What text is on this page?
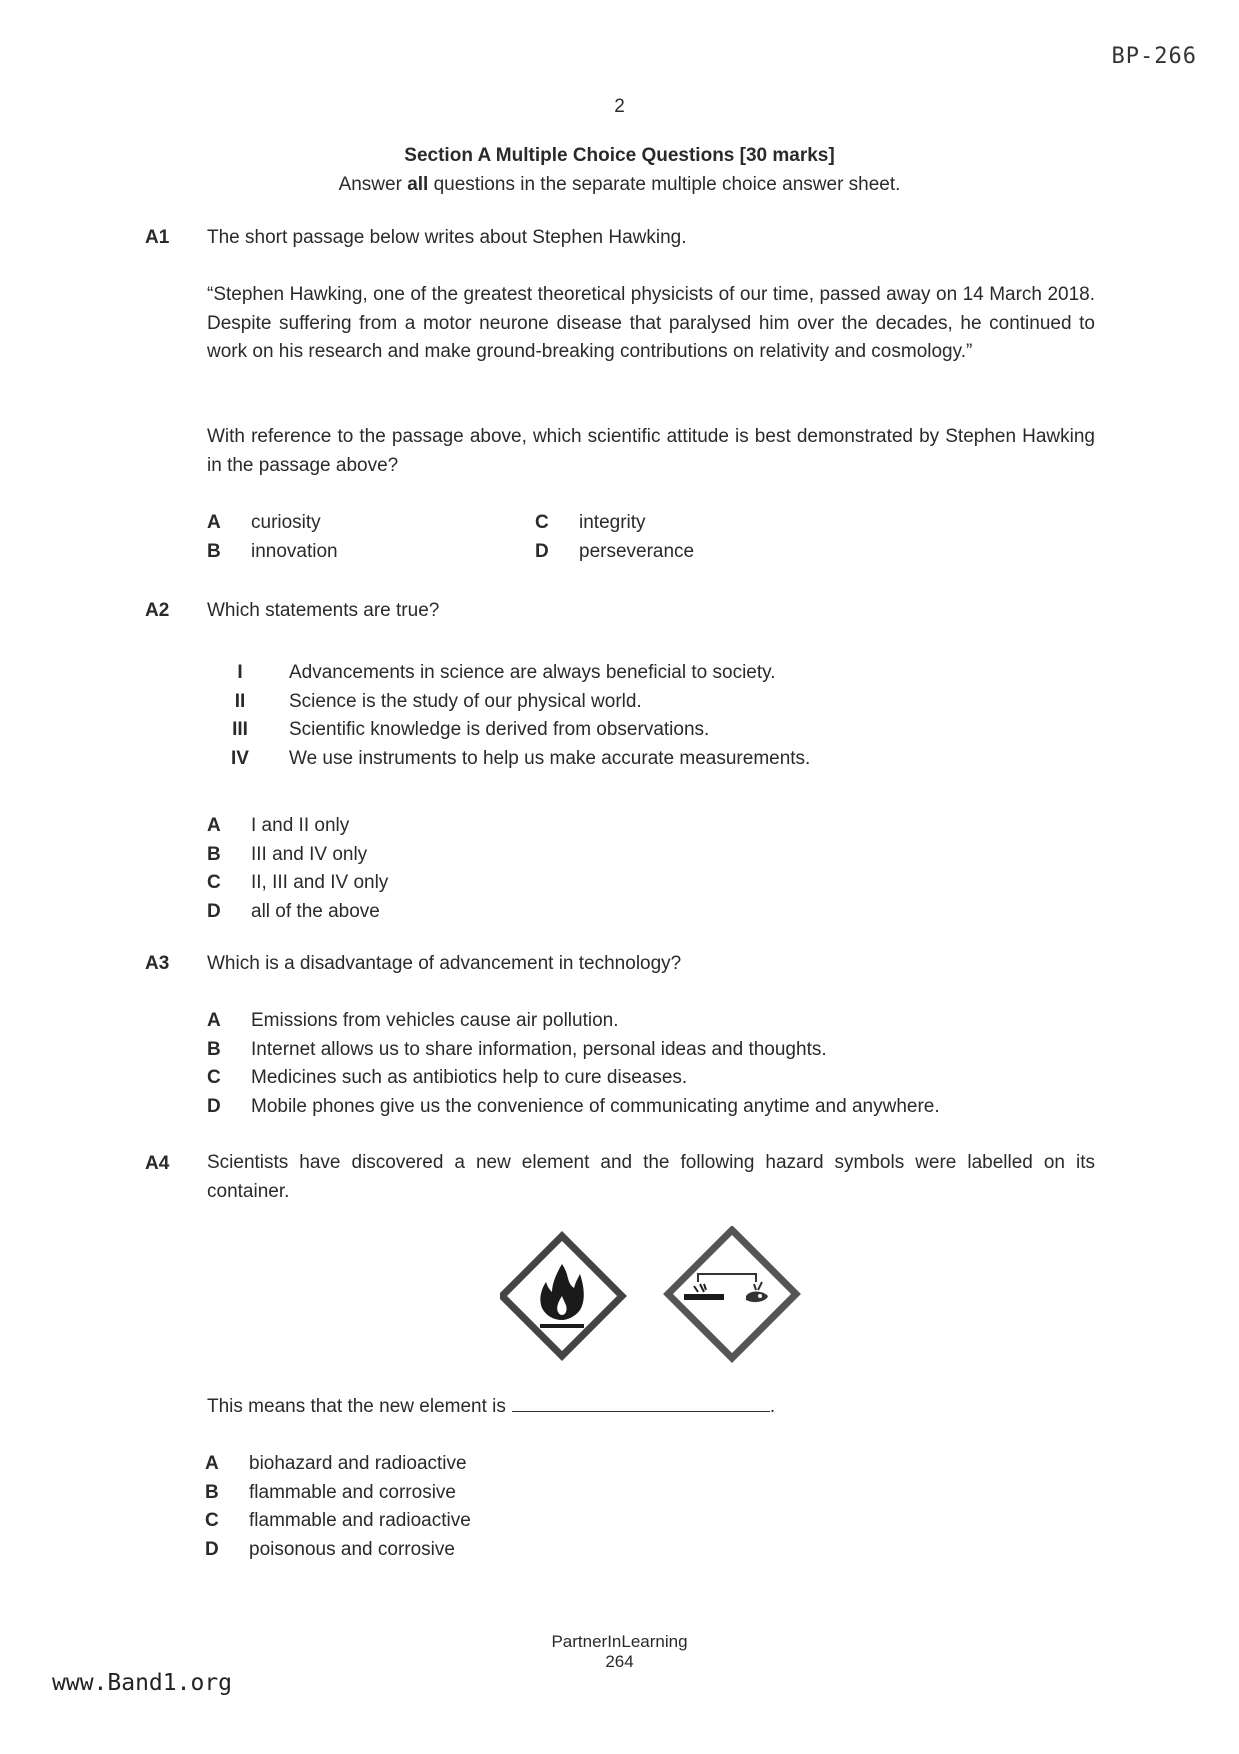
BP-266
2
Section A Multiple Choice Questions [30 marks]
Answer all questions in the separate multiple choice answer sheet.
A1 The short passage below writes about Stephen Hawking.
“Stephen Hawking, one of the greatest theoretical physicists of our time, passed away on 14 March 2018. Despite suffering from a motor neurone disease that paralysed him over the decades, he continued to work on his research and make ground-breaking contributions on relativity and cosmology.”
With reference to the passage above, which scientific attitude is best demonstrated by Stephen Hawking in the passage above?
A	curiosity
B	innovation
C	integrity
D	perseverance
A2 Which statements are true?
I	Advancements in science are always beneficial to society.
II	Science is the study of our physical world.
III	Scientific knowledge is derived from observations.
IV	We use instruments to help us make accurate measurements.
A	I and II only
B	III and IV only
C	II, III and IV only
D	all of the above
A3 Which is a disadvantage of advancement in technology?
A	Emissions from vehicles cause air pollution.
B	Internet allows us to share information, personal ideas and thoughts.
C	Medicines such as antibiotics help to cure diseases.
D	Mobile phones give us the convenience of communicating anytime and anywhere.
A4 Scientists have discovered a new element and the following hazard symbols were labelled on its container.
This means that the new element is	.
A	biohazard and radioactive
B	flammable and corrosive
C	flammable and radioactive
D	poisonous and corrosive
PartnerInLearning
264
www.Band1.org
